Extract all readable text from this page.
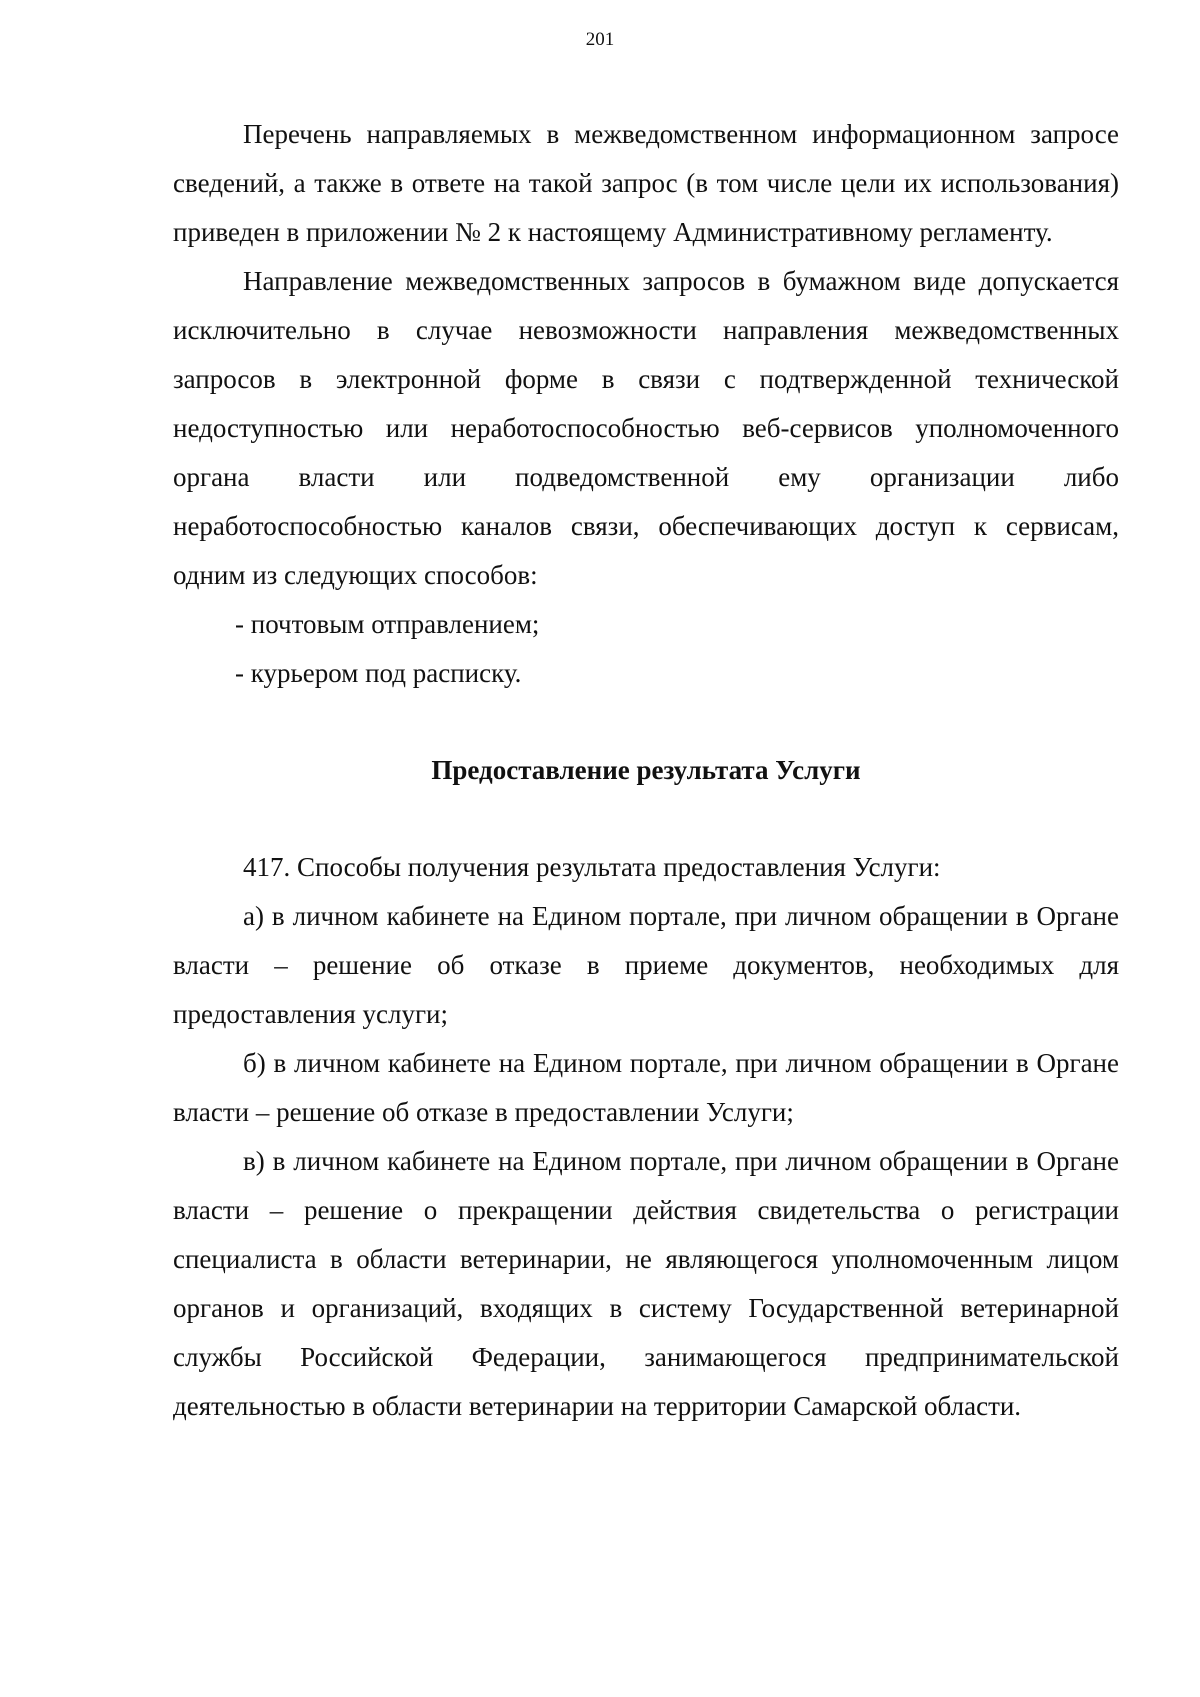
201

Перечень направляемых в межведомственном информационном запросе сведений, а также в ответе на такой запрос (в том числе цели их использования) приведен в приложении № 2 к настоящему Административному регламенту.

Направление межведомственных запросов в бумажном виде допускается исключительно в случае невозможности направления межведомственных запросов в электронной форме в связи с подтвержденной технической недоступностью или неработоспособностью веб-сервисов уполномоченного органа власти или подведомственной ему организации либо неработоспособностью каналов связи, обеспечивающих доступ к сервисам, одним из следующих способов:

- почтовым отправлением;

- курьером под расписку.

Предоставление результата Услуги

417. Способы получения результата предоставления Услуги:

а) в личном кабинете на Едином портале, при личном обращении в Органе власти – решение об отказе в приеме документов, необходимых для предоставления услуги;

б) в личном кабинете на Едином портале, при личном обращении в Органе власти – решение об отказе в предоставлении Услуги;

в) в личном кабинете на Едином портале, при личном обращении в Органе власти – решение о прекращении действия свидетельства о регистрации специалиста в области ветеринарии, не являющегося уполномоченным лицом органов и организаций, входящих в систему Государственной ветеринарной службы Российской Федерации, занимающегося предпринимательской деятельностью в области ветеринарии на территории Самарской области.
